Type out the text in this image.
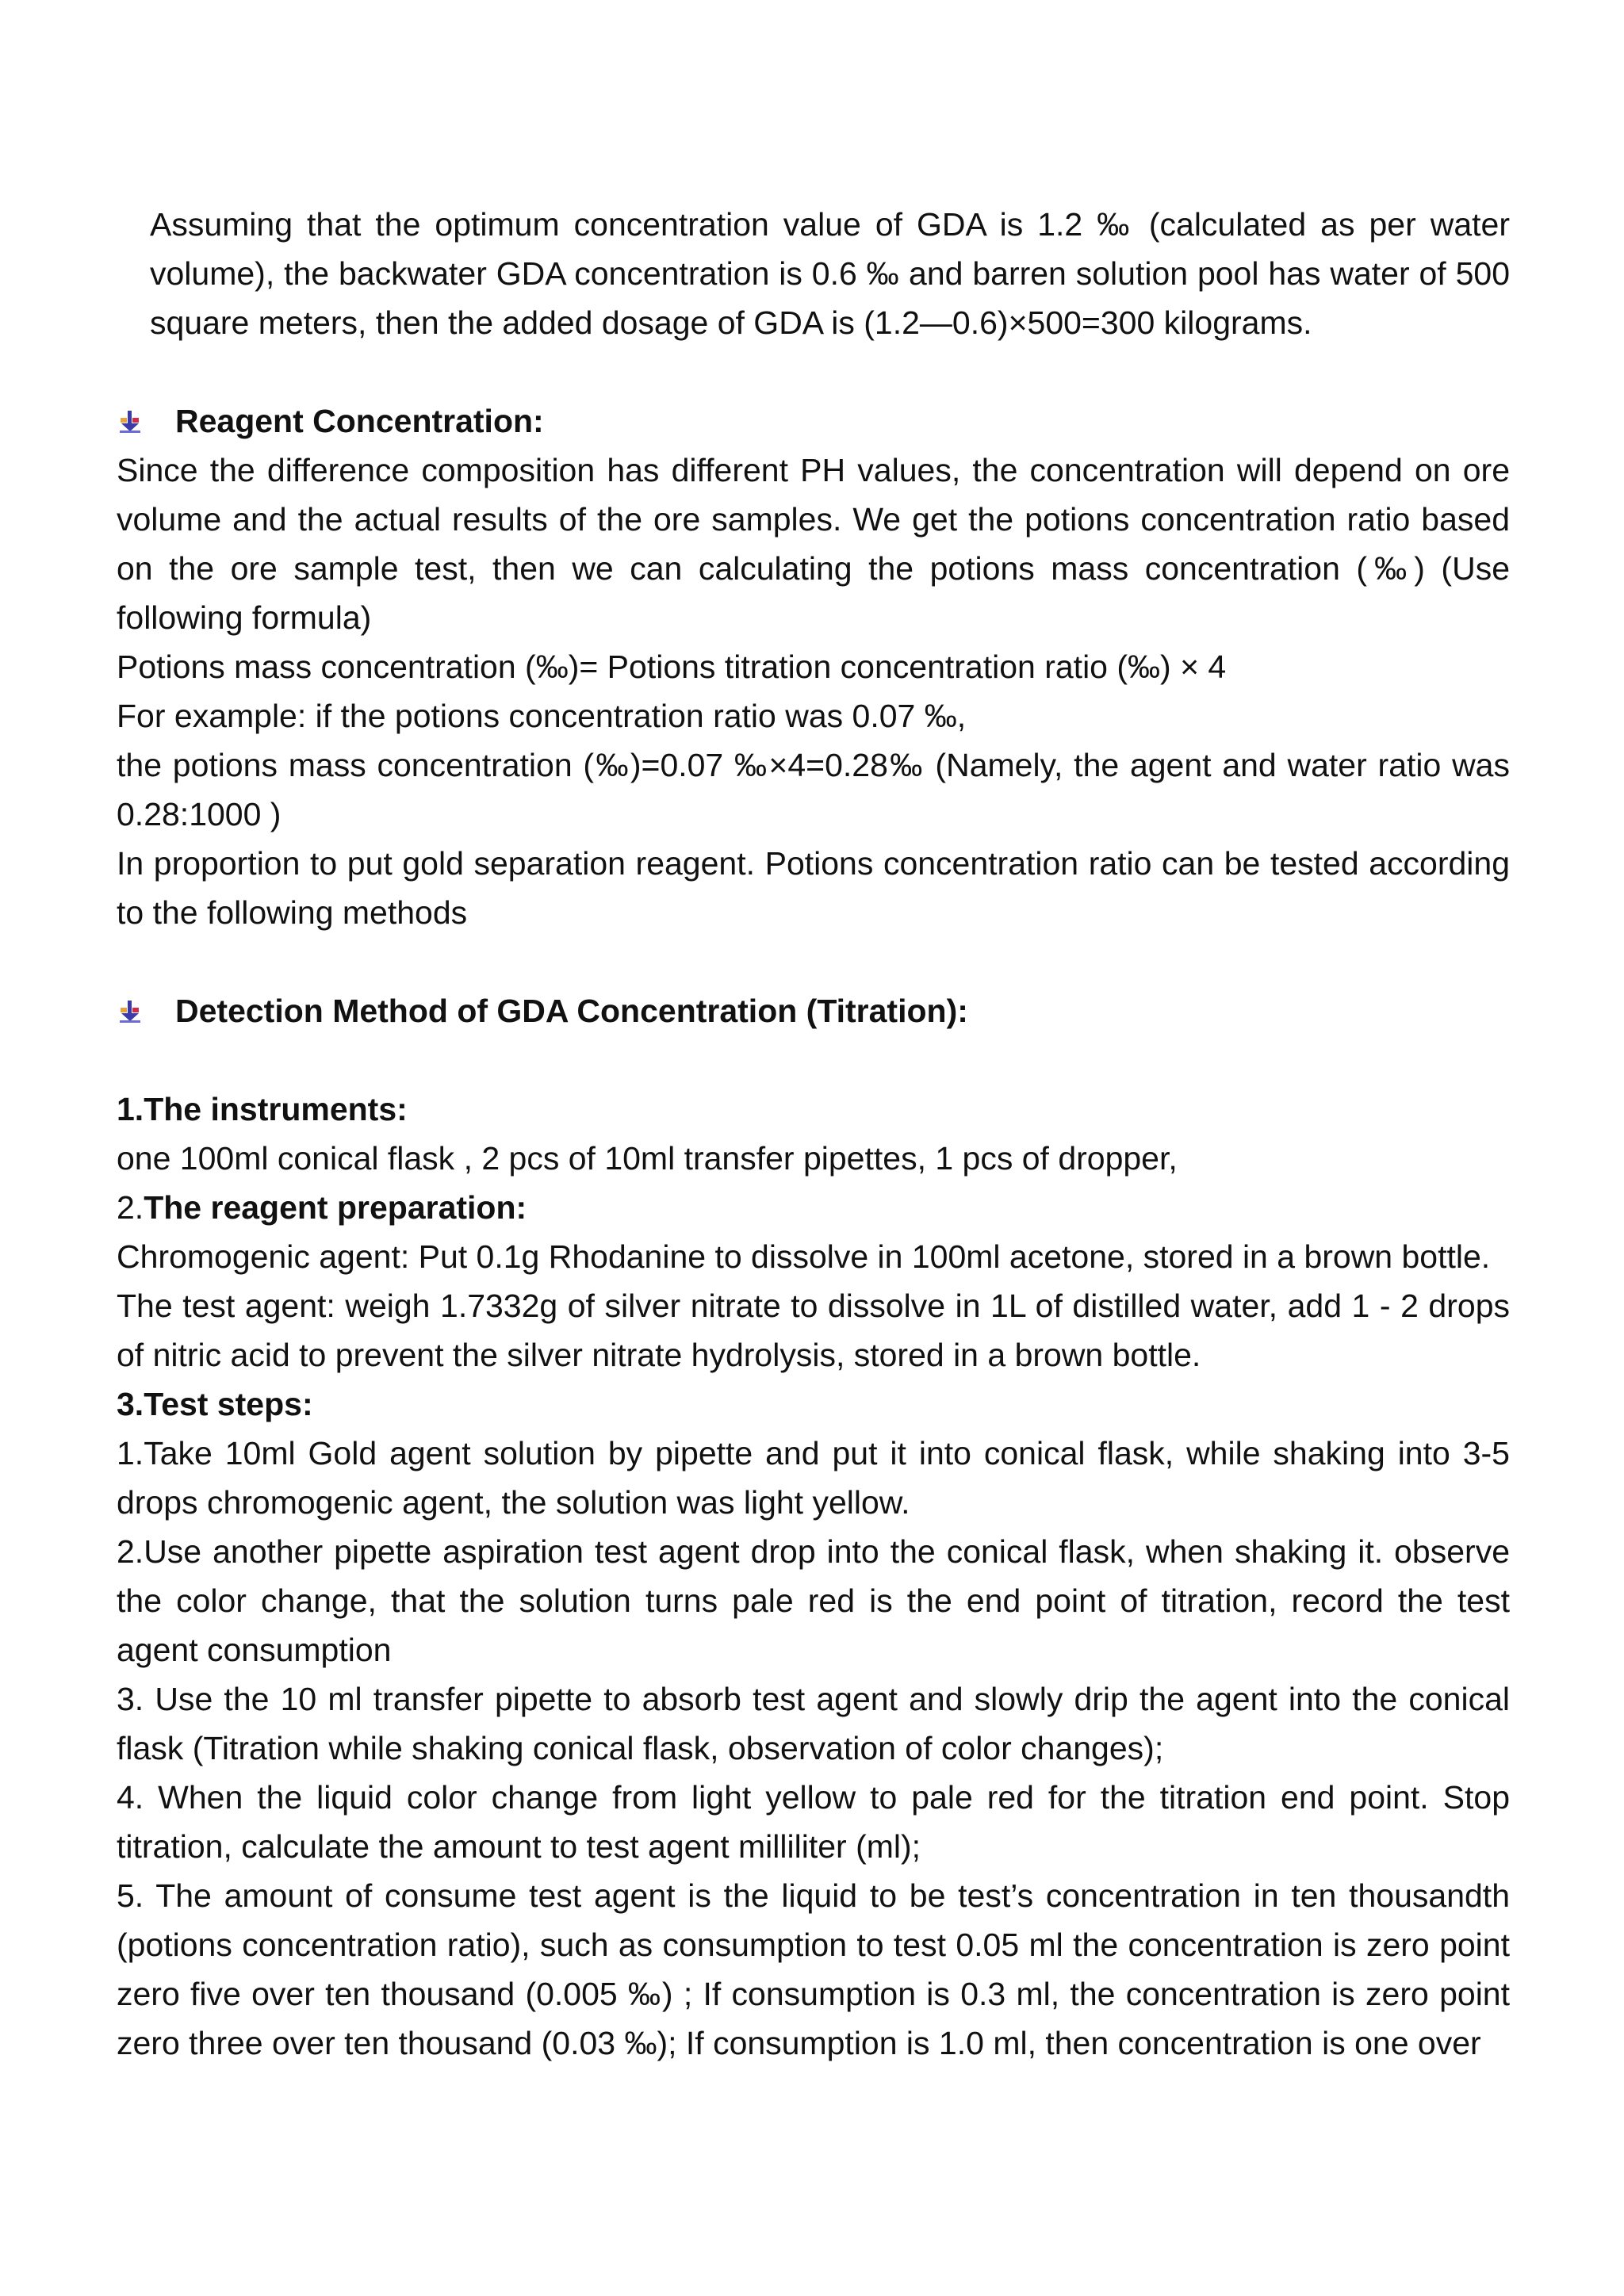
Assuming that the optimum concentration value of GDA is 1.2 ‰ (calculated as per water volume), the backwater GDA concentration is 0.6 ‰ and barren solution pool has water of 500 square meters, then the added dosage of GDA is (1.2—0.6)×500=300 kilograms.

Reagent Concentration:

Since the difference composition has different PH values, the concentration will depend on ore volume and the actual results of the ore samples. We get the potions concentration ratio based on the ore sample test, then we can calculating the potions mass concentration (‰) (Use following formula)

Potions mass concentration (‰)= Potions titration concentration ratio (‰) × 4

For example: if the potions concentration ratio was 0.07 ‰,

the potions mass concentration (‰)=0.07 ‰×4=0.28‰ (Namely, the agent and water ratio was 0.28:1000 )

In proportion to put gold separation reagent. Potions concentration ratio can be tested according to the following methods

Detection Method of GDA Concentration (Titration):

1.The instruments:

one 100ml conical flask , 2 pcs of 10ml transfer pipettes, 1 pcs of dropper,

2.The reagent preparation:

Chromogenic agent: Put 0.1g Rhodanine to dissolve in 100ml acetone, stored in a brown bottle.

The test agent: weigh 1.7332g of silver nitrate to dissolve in 1L of distilled water, add 1 - 2 drops of nitric acid to prevent the silver nitrate hydrolysis, stored in a brown bottle.

3.Test steps:

1.Take 10ml Gold agent solution by pipette and put it into conical flask, while shaking into 3-5 drops chromogenic agent, the solution was light yellow.

2.Use another pipette aspiration test agent drop into the conical flask, when shaking it. observe the color change, that the solution turns pale red is the end point of titration, record the test agent consumption

3. Use the 10 ml transfer pipette to absorb test agent and slowly drip the agent into the conical flask (Titration while shaking conical flask, observation of color changes);

4. When the liquid color change from light yellow to pale red for the titration end point. Stop titration, calculate the amount to test agent milliliter (ml);

5. The amount of consume test agent is the liquid to be test’s concentration in ten thousandth (potions concentration ratio), such as consumption to test 0.05 ml the concentration is zero point zero five over ten thousand (0.005 ‰) ; If consumption is 0.3 ml, the concentration is zero point zero three over ten thousand (0.03 ‰); If consumption is 1.0 ml, then concentration is one over
